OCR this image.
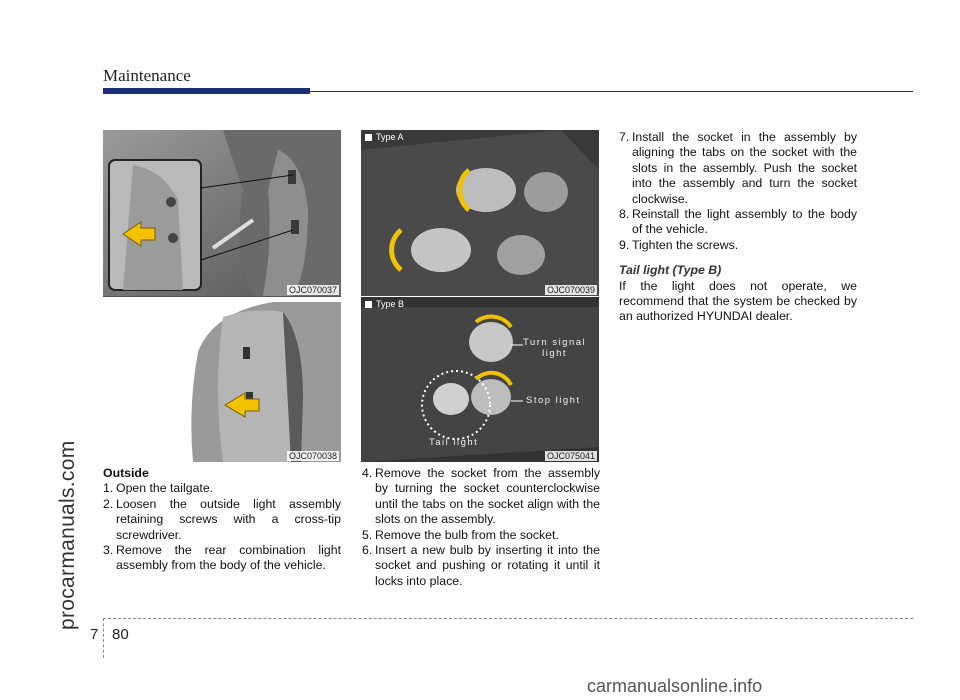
Maintenance
procarmanuals.com
OJC070037
OJC070038
Type A
OJC070039
Type B
Turn signal
light
Stop light
Tail light
OJC075041
Outside
1. Open the tailgate.
2. Loosen the outside light assembly retaining screws with a cross-tip screwdriver.
3. Remove the rear combination light assembly from the body of the vehicle.
4. Remove the socket from the assembly by turning the socket counterclockwise until the tabs on the socket align with the slots on the assembly.
5. Remove the bulb from the socket.
6. Insert a new bulb by inserting it into the socket and pushing or rotating it until it locks into place.
7. Install the socket in the assembly by aligning the tabs on the socket with the slots in the assembly. Push the socket into the assembly and turn the socket clockwise.
8. Reinstall the light assembly to the body of the vehicle.
9. Tighten the screws.
Tail light (Type B)
If the light does not operate, we recommend that the system be checked by an authorized HYUNDAI dealer.
7 80
carmanualsonline.info
